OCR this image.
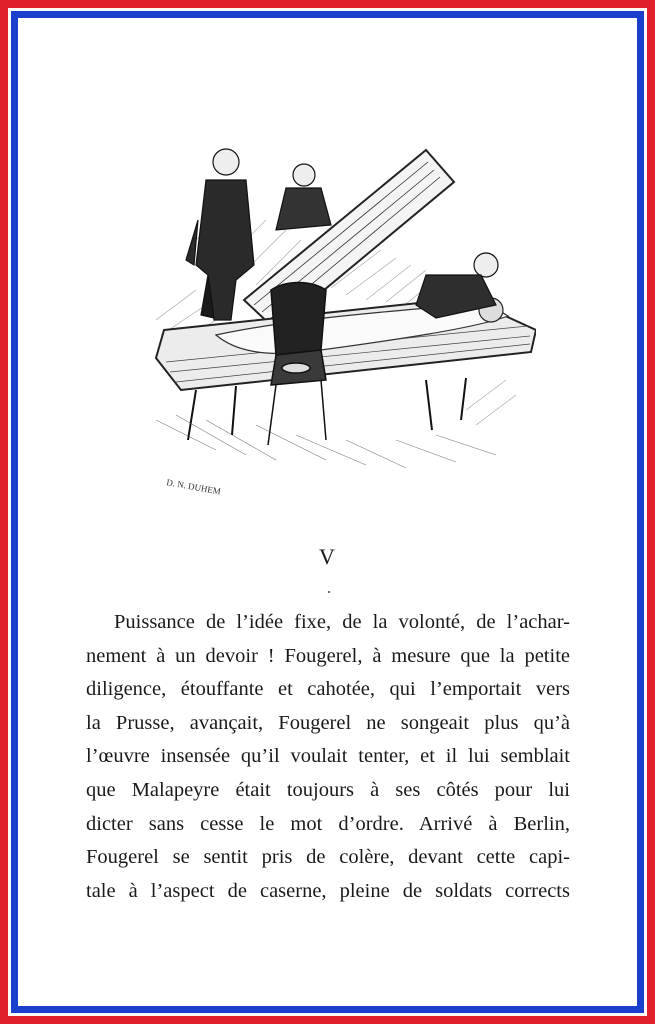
D. N. DUHEM
V
Puissance de l’idée fixe, de la volonté, de l’achar-
nement à un devoir ! Fougerel, à mesure que la petite
diligence, étouffante et cahotée, qui l’emportait vers
la Prusse, avançait, Fougerel ne songeait plus qu’à
l’œuvre insensée qu’il voulait tenter, et il lui semblait
que Malapeyre était toujours à ses côtés pour lui
dicter sans cesse le mot d’ordre. Arrivé à Berlin,
Fougerel se sentit pris de colère, devant cette capi-
tale à l’aspect de caserne, pleine de soldats corrects
